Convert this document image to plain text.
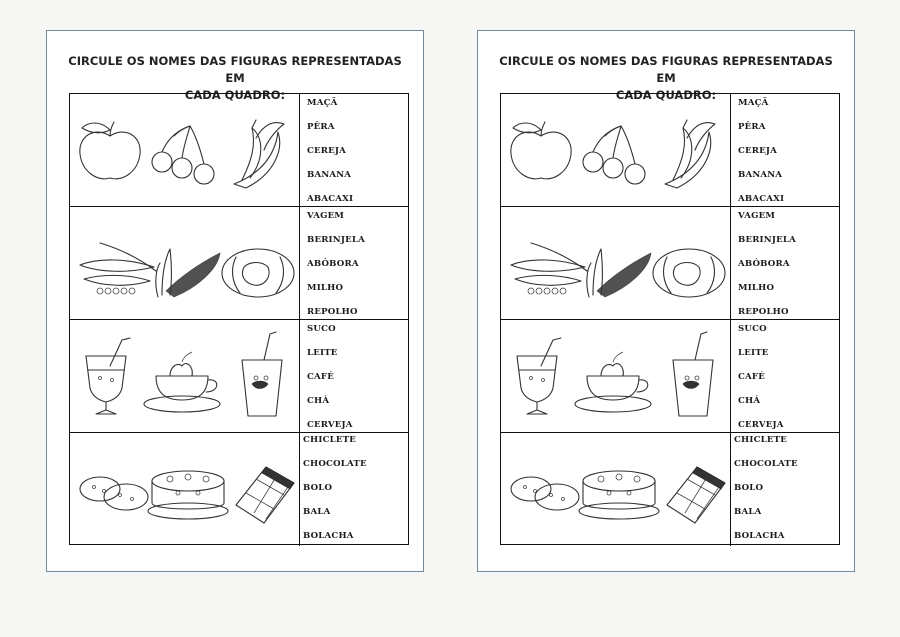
CIRCULE OS NOMES DAS FIGURAS REPRESENTADAS EM
CADA QUADRO:
MAÇÃ
PÊRA
CEREJA
BANANA
ABACAXI
VAGEM
BERINJELA
ABÓBORA
MILHO
REPOLHO
SUCO
LEITE
CAFÉ
CHÁ
CERVEJA
CHICLETE
CHOCOLATE
BOLO
BALA
BOLACHA
CIRCULE OS NOMES DAS FIGURAS REPRESENTADAS EM
CADA QUADRO:
MAÇÃ
PÊRA
CEREJA
BANANA
ABACAXI
VAGEM
BERINJELA
ABÓBORA
MILHO
REPOLHO
SUCO
LEITE
CAFÉ
CHÁ
CERVEJA
CHICLETE
CHOCOLATE
BOLO
BALA
BOLACHA
